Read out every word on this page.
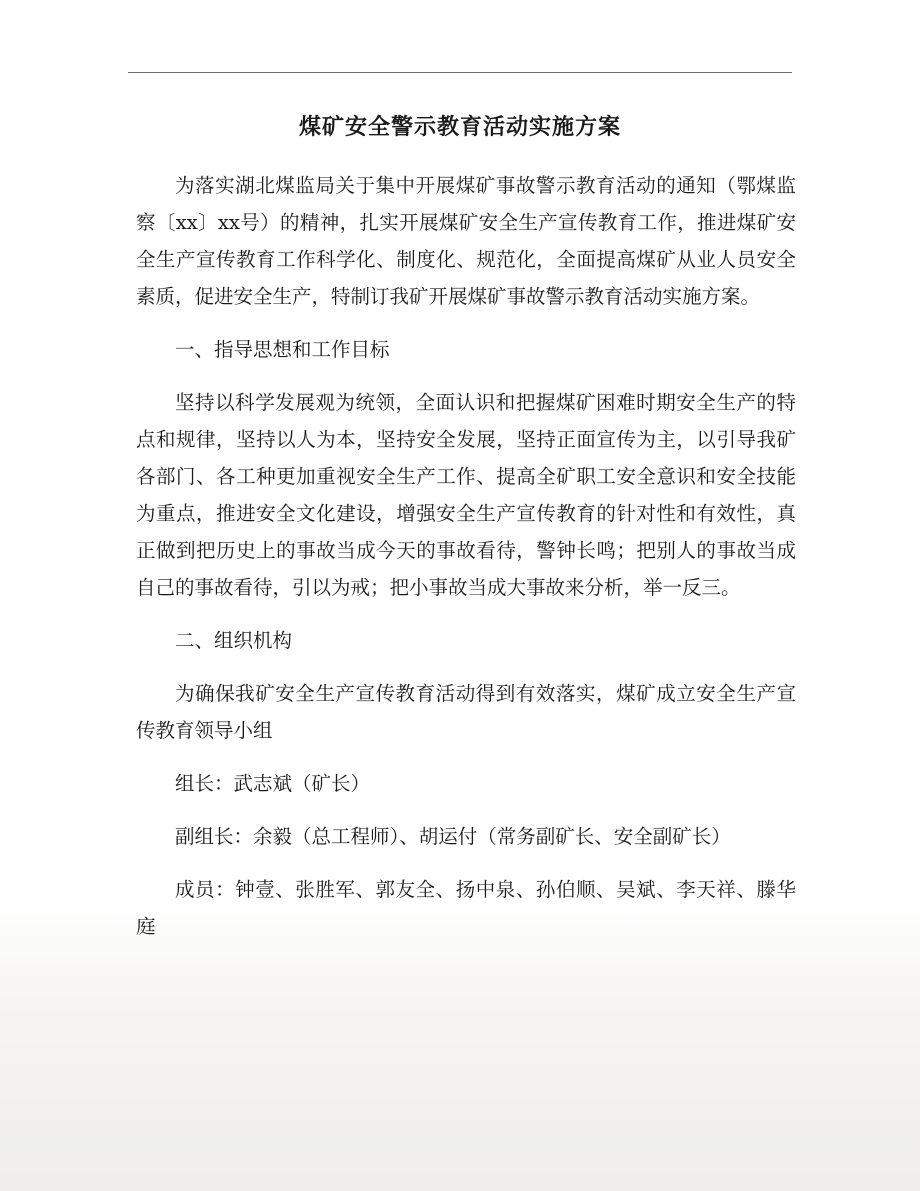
煤矿安全警示教育活动实施方案

为落实湖北煤监局关于集中开展煤矿事故警示教育活动的通知（鄂煤监察〔xx〕xx号）的精神，扎实开展煤矿安全生产宣传教育工作，推进煤矿安全生产宣传教育工作科学化、制度化、规范化，全面提高煤矿从业人员安全素质，促进安全生产，特制订我矿开展煤矿事故警示教育活动实施方案。

一、指导思想和工作目标

坚持以科学发展观为统领，全面认识和把握煤矿困难时期安全生产的特点和规律，坚持以人为本，坚持安全发展，坚持正面宣传为主，以引导我矿各部门、各工种更加重视安全生产工作、提高全矿职工安全意识和安全技能为重点，推进安全文化建设，增强安全生产宣传教育的针对性和有效性，真正做到把历史上的事故当成今天的事故看待，警钟长鸣；把别人的事故当成自己的事故看待，引以为戒；把小事故当成大事故来分析，举一反三。

二、组织机构

为确保我矿安全生产宣传教育活动得到有效落实，煤矿成立安全生产宣传教育领导小组

组长：武志斌（矿长）

副组长：余毅（总工程师）、胡运付（常务副矿长、安全副矿长）

成员：钟壹、张胜军、郭友全、扬中泉、孙伯顺、吴斌、李天祥、滕华庭
